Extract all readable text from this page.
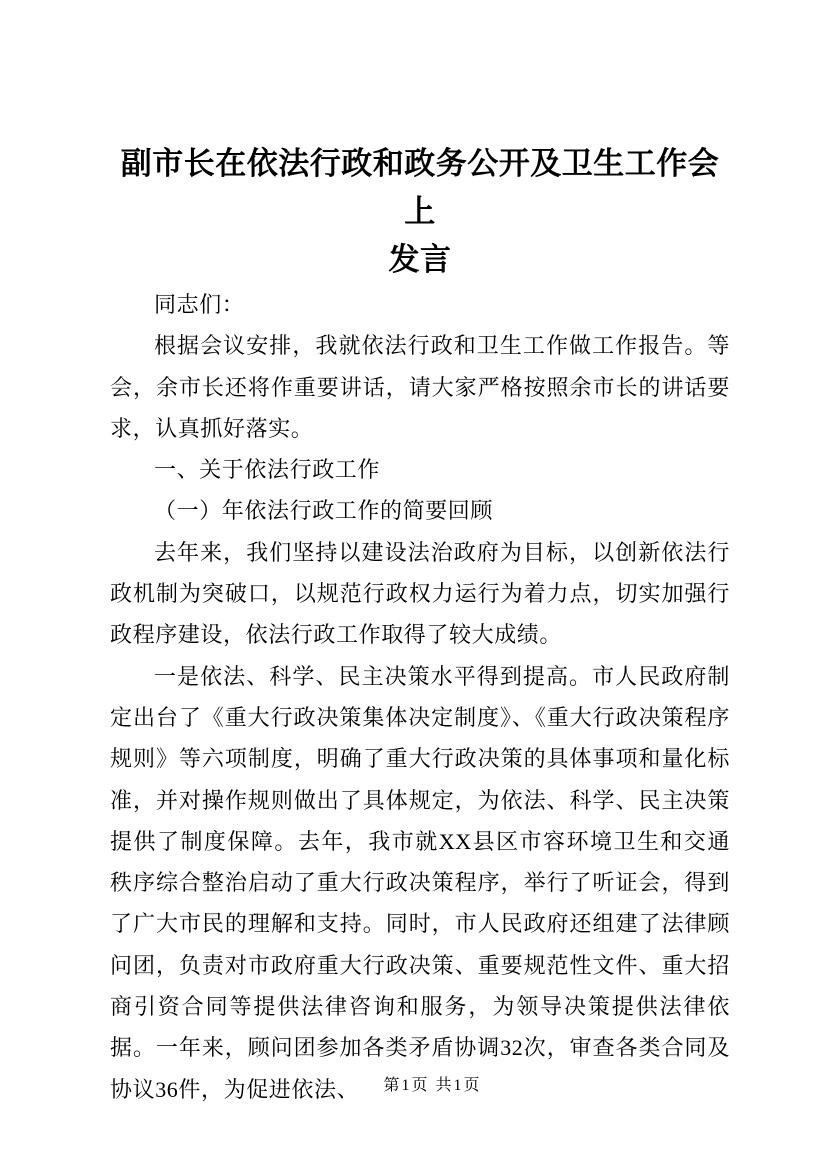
副市长在依法行政和政务公开及卫生工作会上
发言

同志们：

根据会议安排，我就依法行政和卫生工作做工作报告。等会，余市长还将作重要讲话，请大家严格按照余市长的讲话要求，认真抓好落实。

一、关于依法行政工作

（一）年依法行政工作的简要回顾

去年来，我们坚持以建设法治政府为目标，以创新依法行政机制为突破口，以规范行政权力运行为着力点，切实加强行政程序建设，依法行政工作取得了较大成绩。

一是依法、科学、民主决策水平得到提高。市人民政府制定出台了《重大行政决策集体决定制度》、《重大行政决策程序规则》等六项制度，明确了重大行政决策的具体事项和量化标准，并对操作规则做出了具体规定，为依法、科学、民主决策提供了制度保障。去年，我市就XX县区市容环境卫生和交通秩序综合整治启动了重大行政决策程序，举行了听证会，得到了广大市民的理解和支持。同时，市人民政府还组建了法律顾问团，负责对市政府重大行政决策、重要规范性文件、重大招商引资合同等提供法律咨询和服务，为领导决策提供法律依据。一年来，顾问团参加各类矛盾协调32次，审查各类合同及协议36件，为促进依法、	第1页 共1页
